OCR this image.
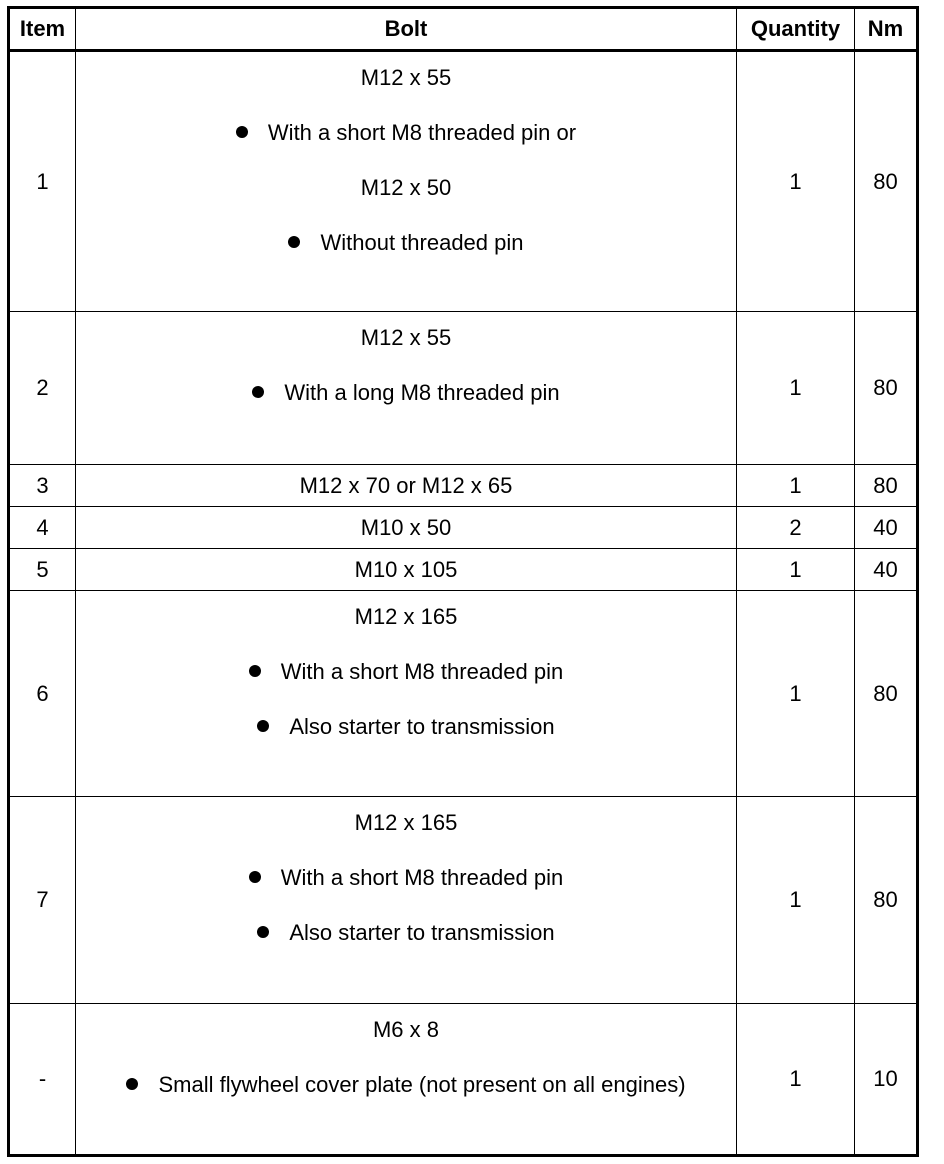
Item	Bolt	Quantity	Nm
1	M12 x 55
With a short M8 threaded pin or
M12 x 50
Without threaded pin	1	80
2	M12 x 55
With a long M8 threaded pin	1	80
3	M12 x 70 or M12 x 65	1	80
4	M10 x 50	2	40
5	M10 x 105	1	40
6	M12 x 165
With a short M8 threaded pin
Also starter to transmission	1	80
7	M12 x 165
With a short M8 threaded pin
Also starter to transmission	1	80
-	M6 x 8
Small flywheel cover plate (not present on all engines)	1	10
